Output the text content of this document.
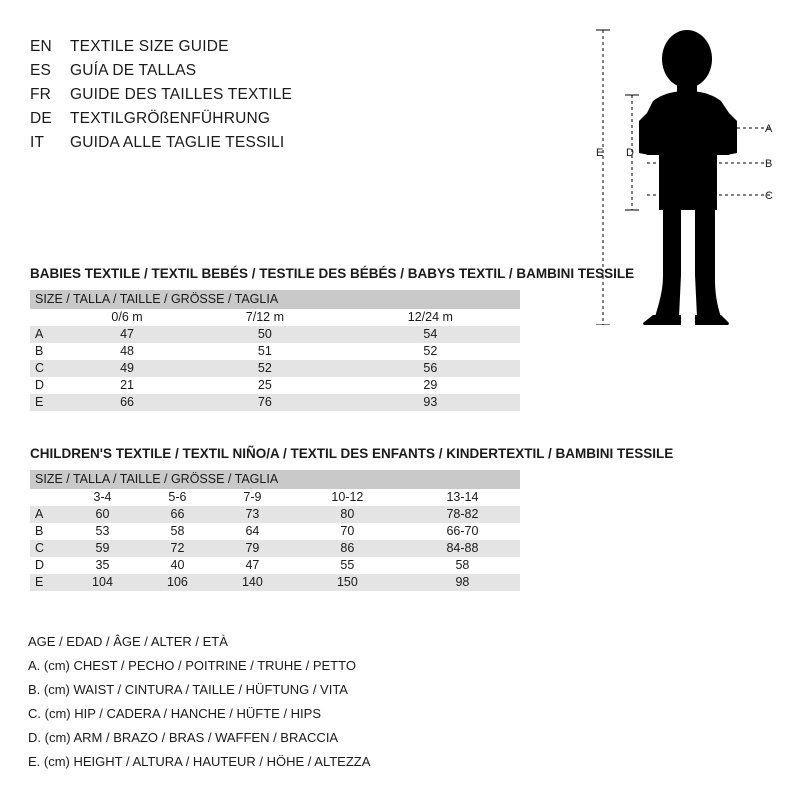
EN	TEXTILE SIZE GUIDE
ES	GUÍA DE TALLAS
FR	GUIDE DES TAILLES TEXTILE
DE	TEXTILGRÖßENFÜHRUNG
IT	GUIDA ALLE TAGLIE TESSILI
BABIES TEXTILE / TEXTIL BEBÉS / TESTILE DES BÉBÉS / BABYS TEXTIL / BAMBINI TESSILE
SIZE / TALLA / TAILLE / GRÖSSE / TAGLIA			
	0/6 m	7/12 m	12/24 m
A	47	50	54
B	48	51	52
C	49	52	56
D	21	25	29
E	66	76	93
CHILDREN'S TEXTILE / TEXTIL NIÑO/A / TEXTIL DES ENFANTS / KINDERTEXTIL / BAMBINI TESSILE
SIZE / TALLA / TAILLE / GRÖSSE / TAGLIA					
	3-4	5-6	7-9	10-12	13-14
A	60	66	73	80	78-82
B	53	58	64	70	66-70
C	59	72	79	86	84-88
D	35	40	47	55	58
E	104	106	140	150	98
AGE / EDAD / ÂGE / ALTER / ETÀ
A. (cm) CHEST / PECHO / POITRINE / TRUHE / PETTO
B. (cm) WAIST / CINTURA / TAILLE / HÜFTUNG / VITA
C. (cm) HIP / CADERA / HANCHE / HÜFTE / HIPS
D. (cm) ARM / BRAZO / BRAS / WAFFEN / BRACCIA
E. (cm) HEIGHT / ALTURA / HAUTEUR / HÖHE / ALTEZZA
A
B
C
D
E
